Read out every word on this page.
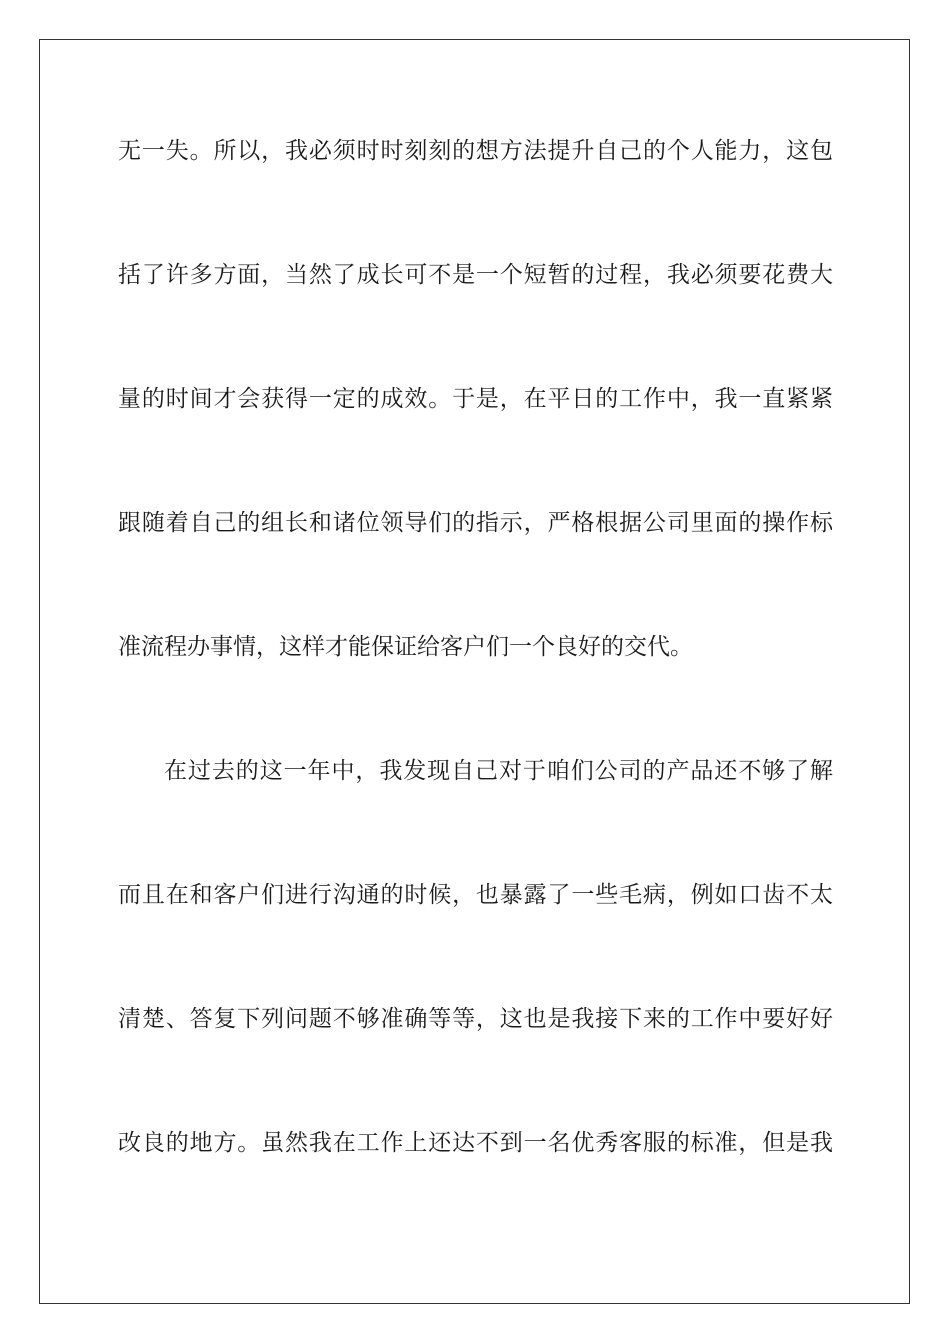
无一失。所以，我必须时时刻刻的想方法提升自己的个人能力，这包
括了许多方面，当然了成长可不是一个短暂的过程，我必须要花费大
量的时间才会获得一定的成效。于是，在平日的工作中，我一直紧紧
跟随着自己的组长和诸位领导们的指示，严格根据公司里面的操作标
准流程办事情，这样才能保证给客户们一个良好的交代。
在过去的这一年中，我发现自己对于咱们公司的产品还不够了解
而且在和客户们进行沟通的时候，也暴露了一些毛病，例如口齿不太
清楚、答复下列问题不够准确等等，这也是我接下来的工作中要好好
改良的地方。虽然我在工作上还达不到一名优秀客服的标准，但是我
